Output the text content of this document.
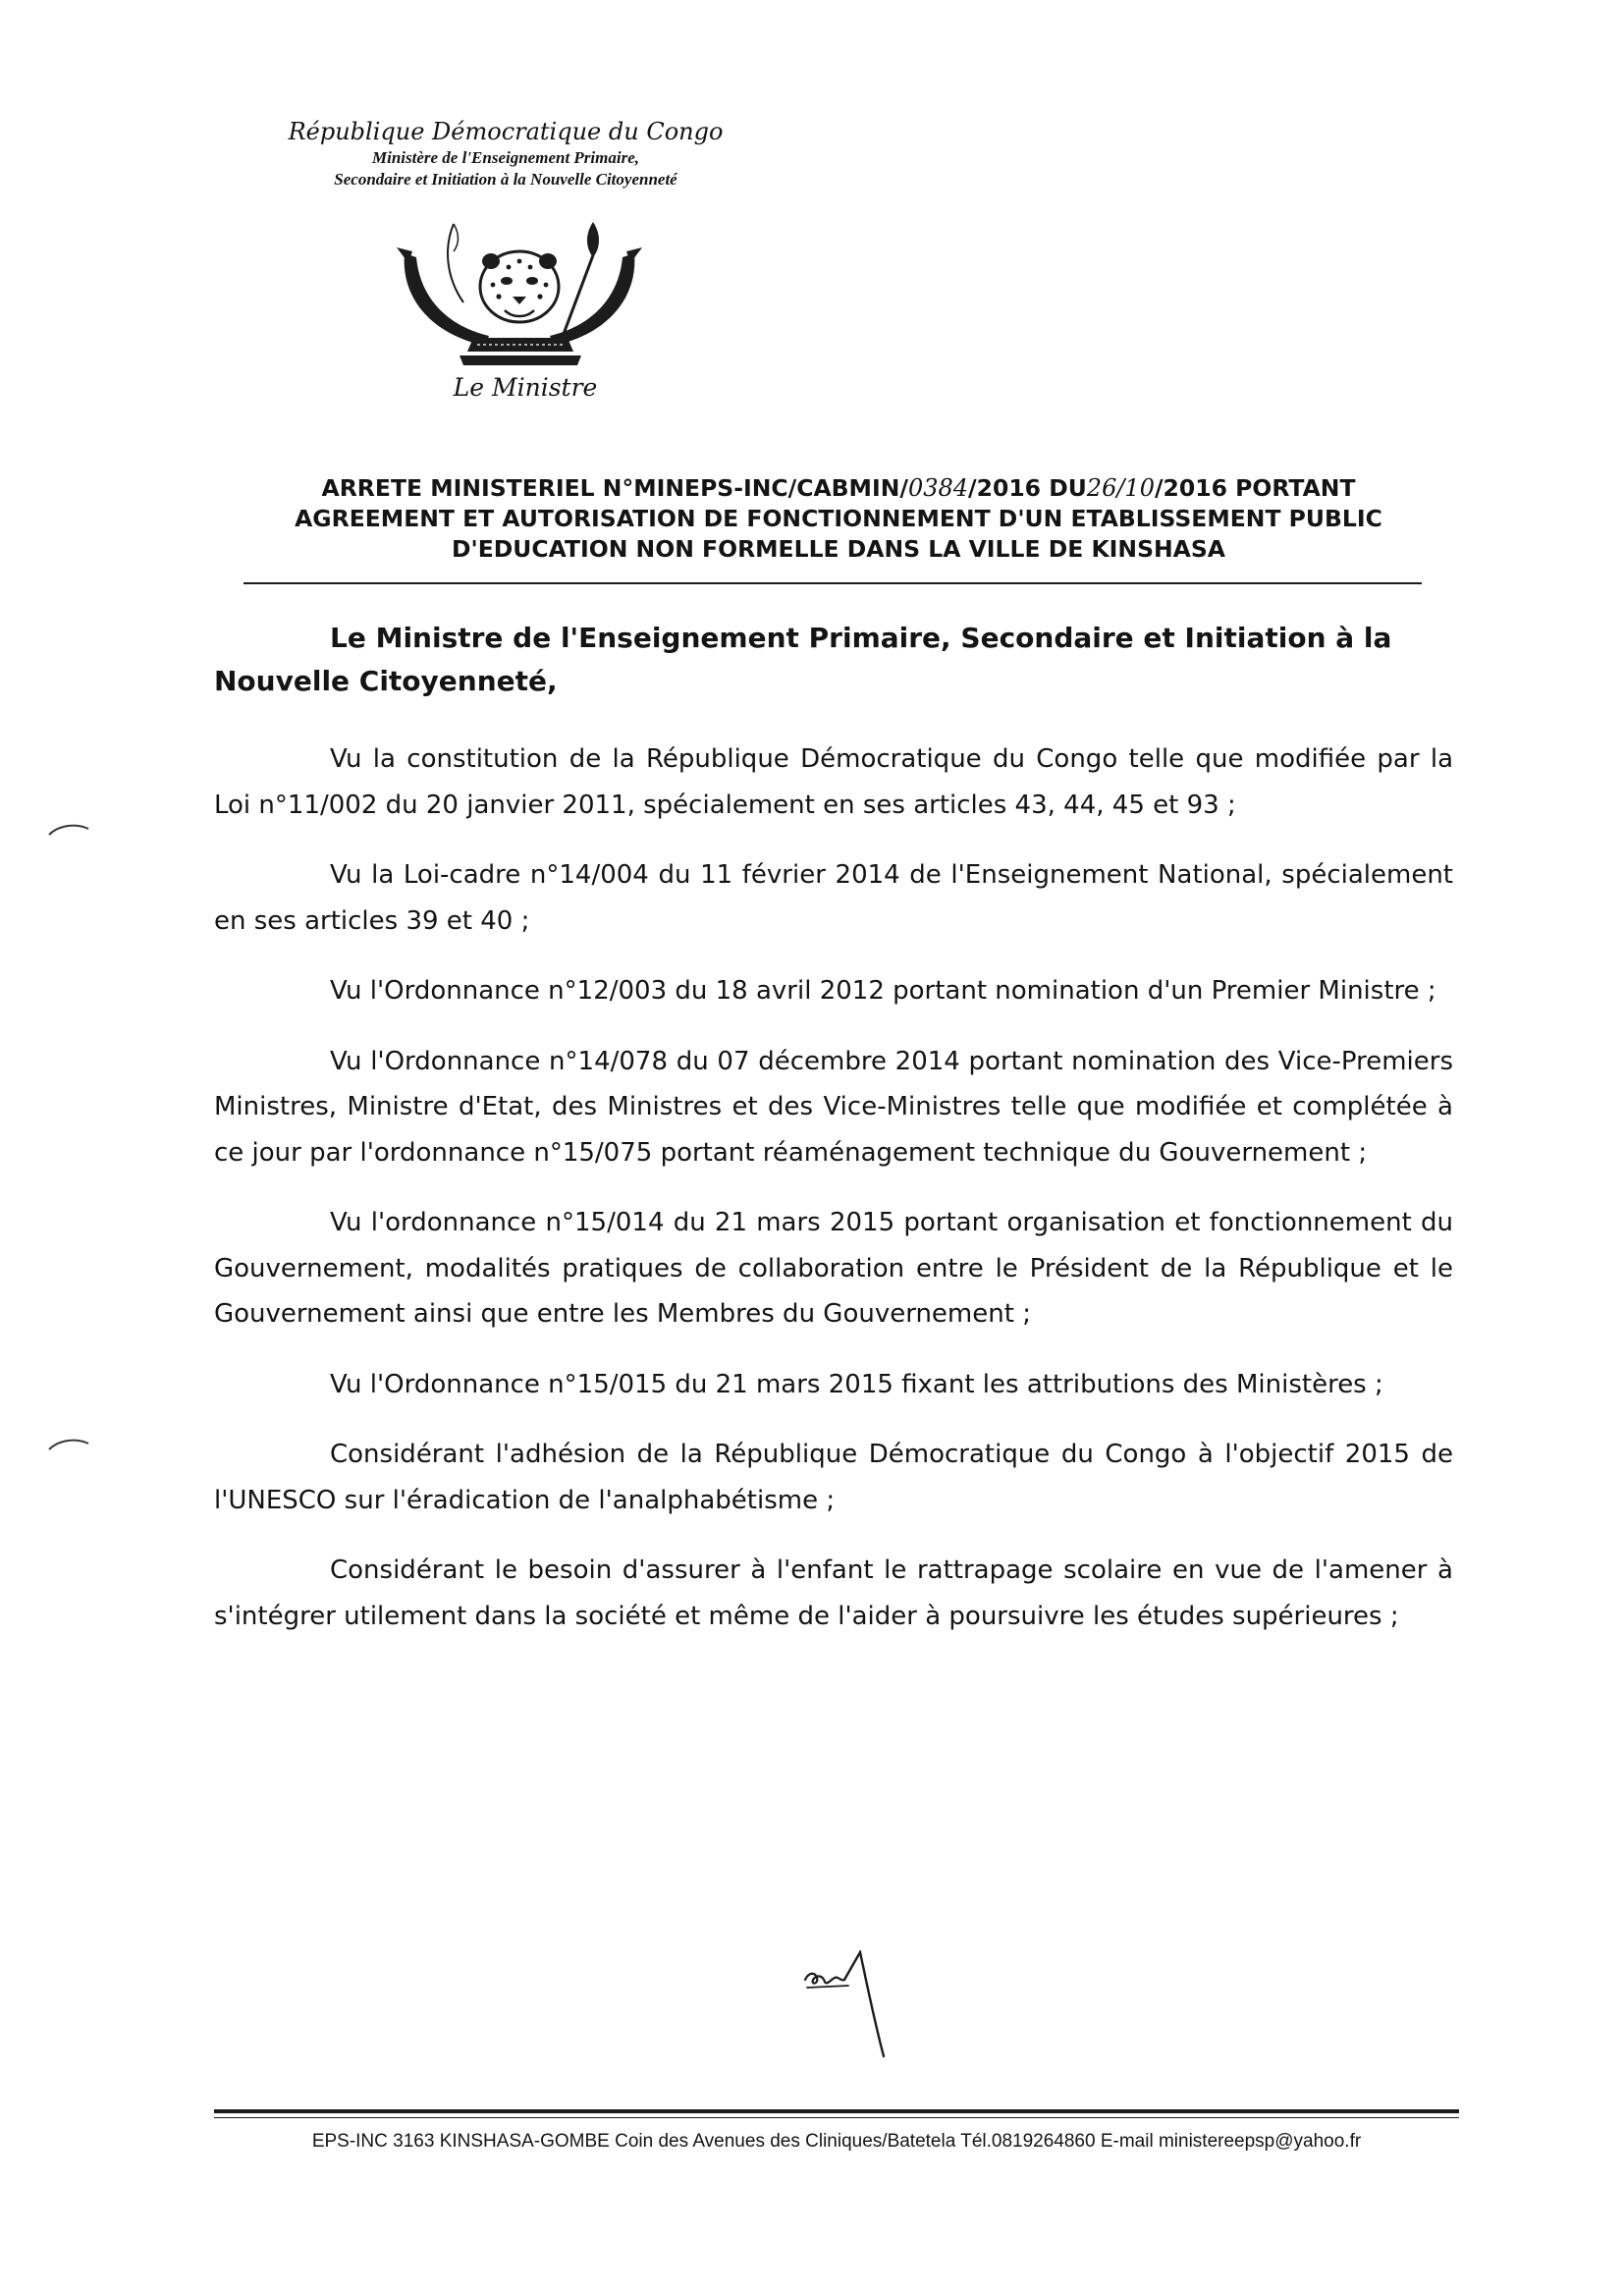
République Démocratique du Congo
Ministère de l'Enseignement Primaire,
Secondaire et Initiation à la Nouvelle Citoyenneté
Le Ministre
ARRETE MINISTERIEL N°MINEPS-INC/CABMIN/0384/2016 DU26/10/2016 PORTANT
AGREEMENT ET AUTORISATION DE FONCTIONNEMENT D'UN ETABLISSEMENT PUBLIC
D'EDUCATION NON FORMELLE DANS LA VILLE DE KINSHASA
Le Ministre de l'Enseignement Primaire, Secondaire et Initiation à la
Nouvelle Citoyenneté,

Vu la constitution de la République Démocratique du Congo telle que modifiée par la Loi n°11/002 du 20 janvier 2011, spécialement en ses articles 43, 44, 45 et 93 ;

Vu la Loi-cadre n°14/004 du 11 février 2014 de l'Enseignement National, spécialement en ses articles 39 et 40 ;

Vu l'Ordonnance n°12/003 du 18 avril 2012 portant nomination d'un Premier Ministre ;

Vu l'Ordonnance n°14/078 du 07 décembre 2014 portant nomination des Vice-Premiers Ministres, Ministre d'Etat, des Ministres et des Vice-Ministres telle que modifiée et complétée à ce jour par l'ordonnance n°15/075 portant réaménagement technique du Gouvernement ;

Vu l'ordonnance n°15/014 du 21 mars 2015 portant organisation et fonctionnement du Gouvernement, modalités pratiques de collaboration entre le Président de la République et le Gouvernement ainsi que entre les Membres du Gouvernement ;

Vu l'Ordonnance n°15/015 du 21 mars 2015 fixant les attributions des Ministères ;

Considérant l'adhésion de la République Démocratique du Congo à l'objectif 2015 de l'UNESCO sur l'éradication de l'analphabétisme ;

Considérant le besoin d'assurer à l'enfant le rattrapage scolaire en vue de l'amener à s'intégrer utilement dans la société et même de l'aider à poursuivre les études supérieures ;

EPS-INC 3163 KINSHASA-GOMBE Coin des Avenues des Cliniques/Batetela Tél.0819264860 E-mail ministereepsp@yahoo.fr
